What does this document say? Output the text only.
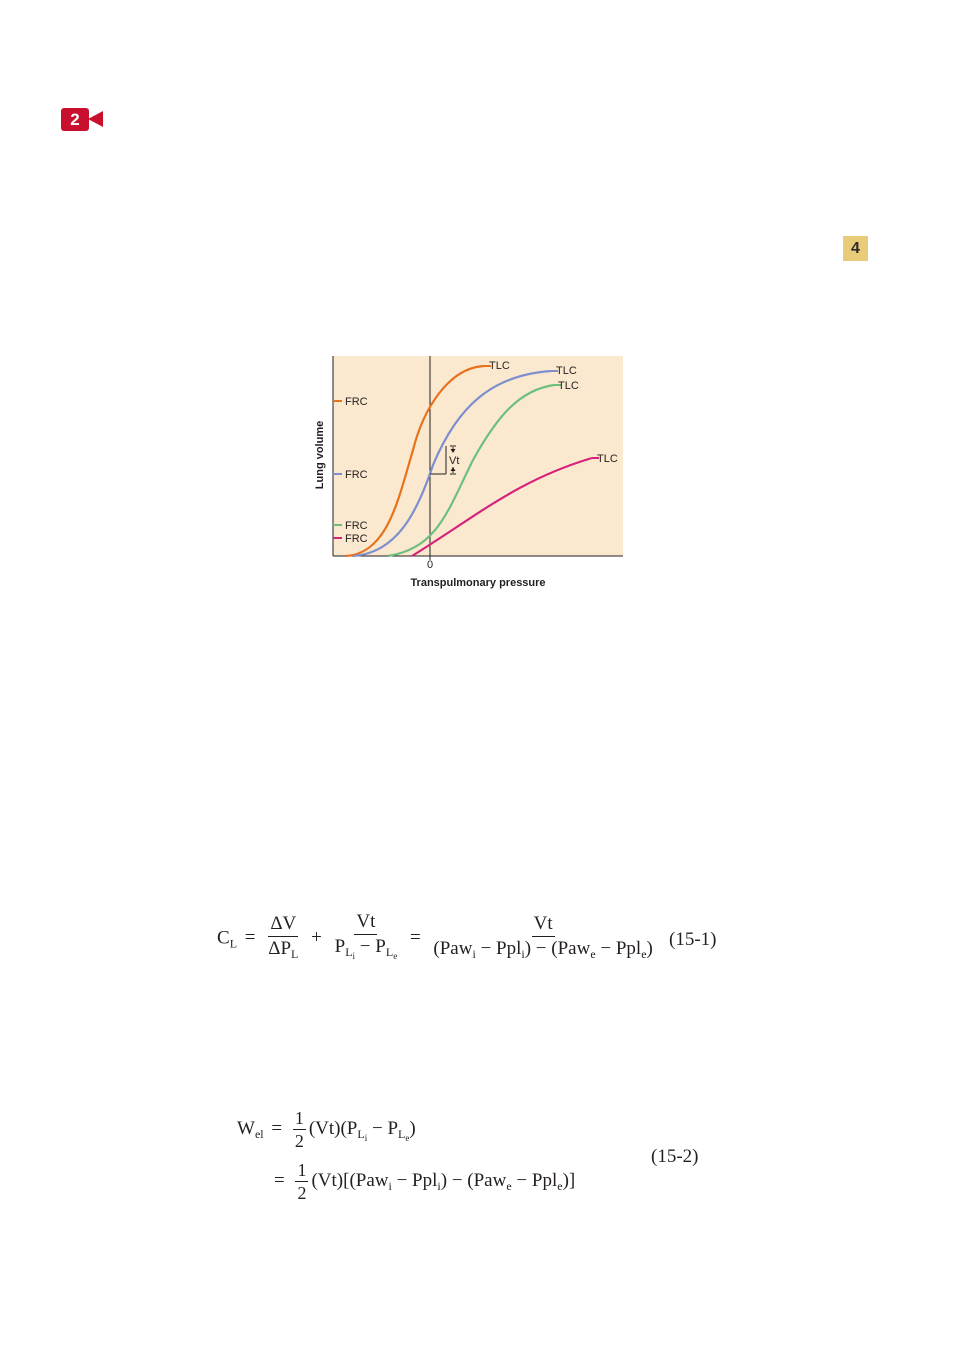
2
4
TLC	TLC
TLC
TLC
FRC
FRC
FRC
FRC
Vt
0
Transpulmonary pressure
Lung volume
$C_L = \frac{\Delta V}{\Delta P_L} + \frac{Vt}{P_{L_i} - P_{L_e}} = \frac{Vt}{(Paw_i - Ppl_i) - (Paw_e - Ppl_e)} (15-1)$
$W_{el} = \frac{1}{2} (Vt)(P_{L_i} - P_{L_e})$
= $\frac{1}{2} (Vt)[(Paw_i - Ppl_i) - (Paw_e - Ppl_e)]$
(15-2)
